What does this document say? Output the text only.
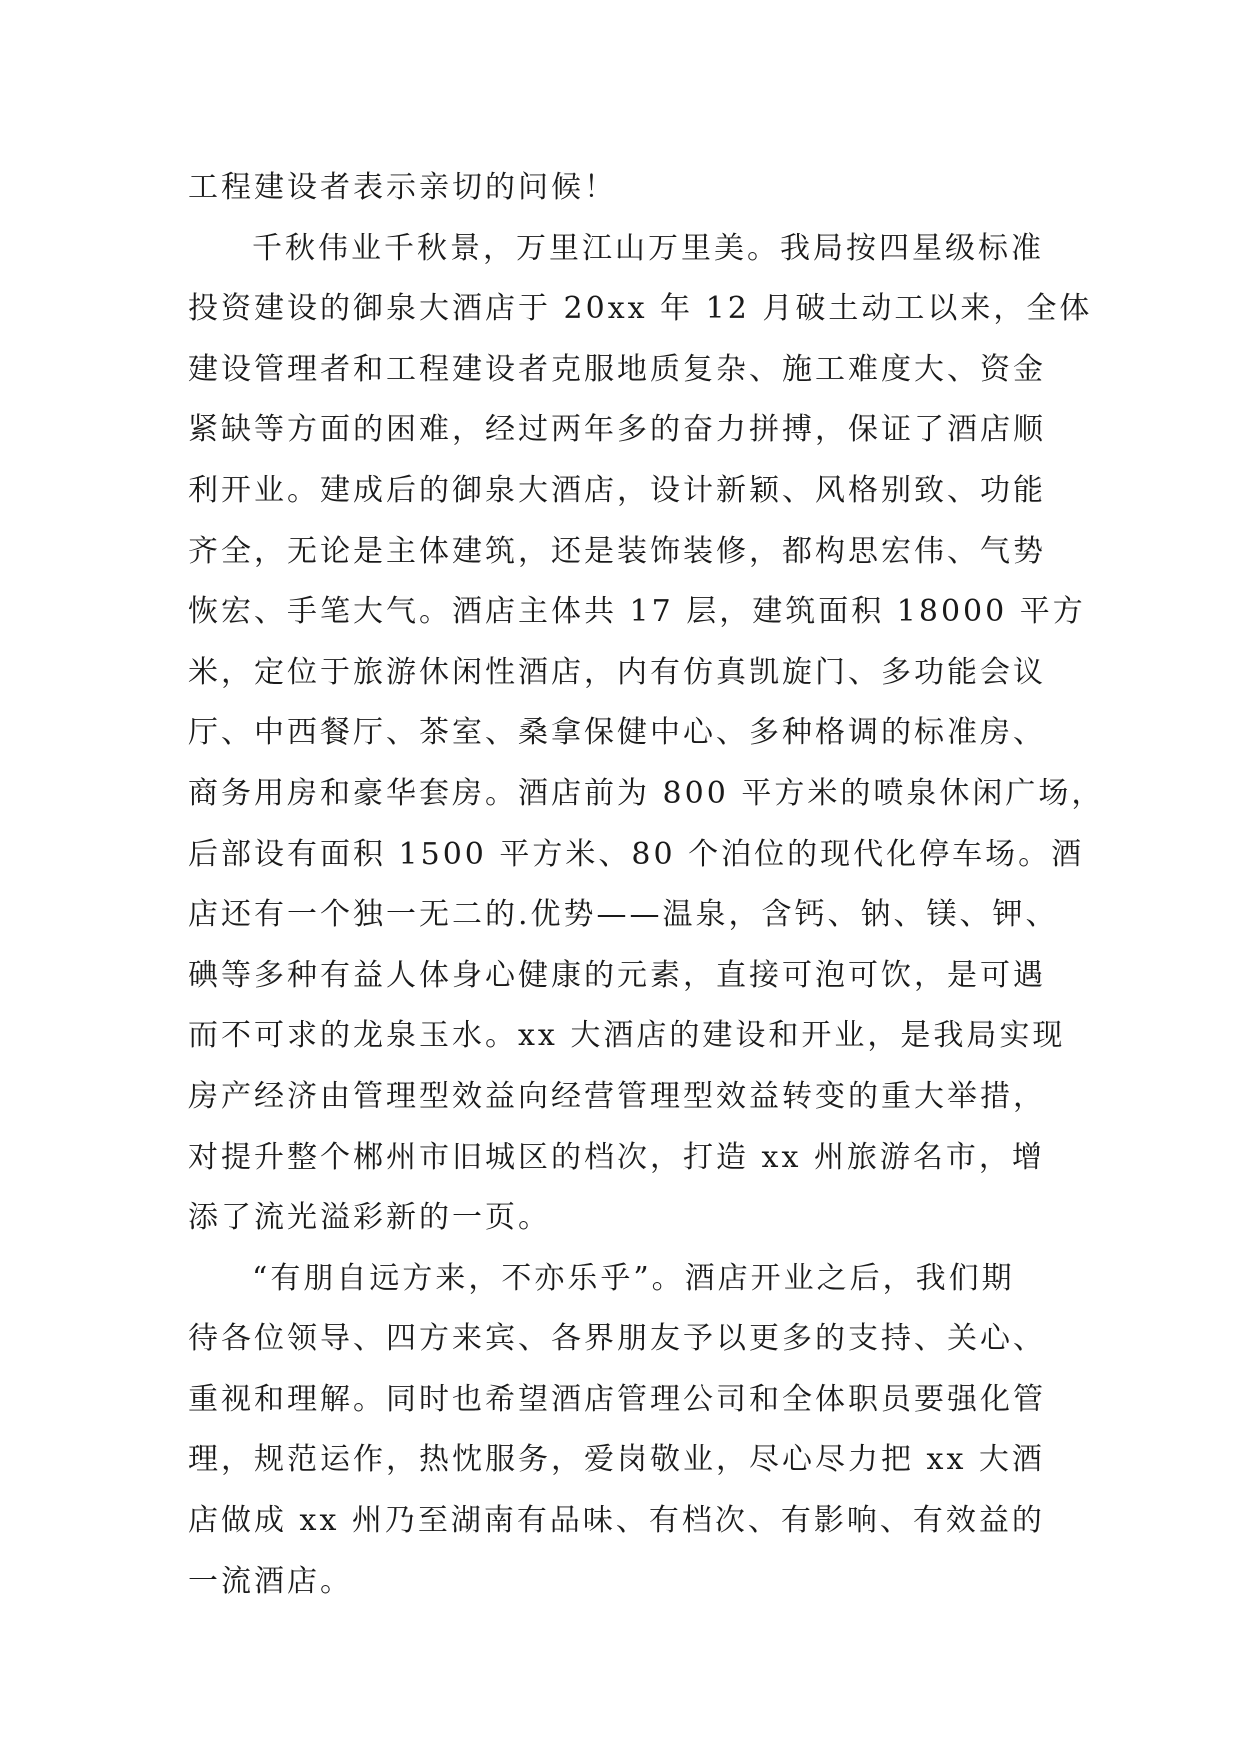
工程建设者表示亲切的问候！
千秋伟业千秋景，万里江山万里美。我局按四星级标准
投资建设的御泉大酒店于 20xx 年 12 月破土动工以来，全体
建设管理者和工程建设者克服地质复杂、施工难度大、资金
紧缺等方面的困难，经过两年多的奋力拼搏，保证了酒店顺
利开业。建成后的御泉大酒店，设计新颖、风格别致、功能
齐全，无论是主体建筑，还是装饰装修，都构思宏伟、气势
恢宏、手笔大气。酒店主体共 17 层，建筑面积 18000 平方
米，定位于旅游休闲性酒店，内有仿真凯旋门、多功能会议
厅、中西餐厅、茶室、桑拿保健中心、多种格调的标准房、
商务用房和豪华套房。酒店前为 800 平方米的喷泉休闲广场，
后部设有面积 1500 平方米、80 个泊位的现代化停车场。酒
店还有一个独一无二的.优势——温泉，含钙、钠、镁、钾、
碘等多种有益人体身心健康的元素，直接可泡可饮，是可遇
而不可求的龙泉玉水。xx 大酒店的建设和开业，是我局实现
房产经济由管理型效益向经营管理型效益转变的重大举措，
对提升整个郴州市旧城区的档次，打造 xx 州旅游名市，增
添了流光溢彩新的一页。
“有朋自远方来，不亦乐乎”。酒店开业之后，我们期
待各位领导、四方来宾、各界朋友予以更多的支持、关心、
重视和理解。同时也希望酒店管理公司和全体职员要强化管
理，规范运作，热忱服务，爱岗敬业，尽心尽力把 xx 大酒
店做成 xx 州乃至湖南有品味、有档次、有影响、有效益的
一流酒店。
